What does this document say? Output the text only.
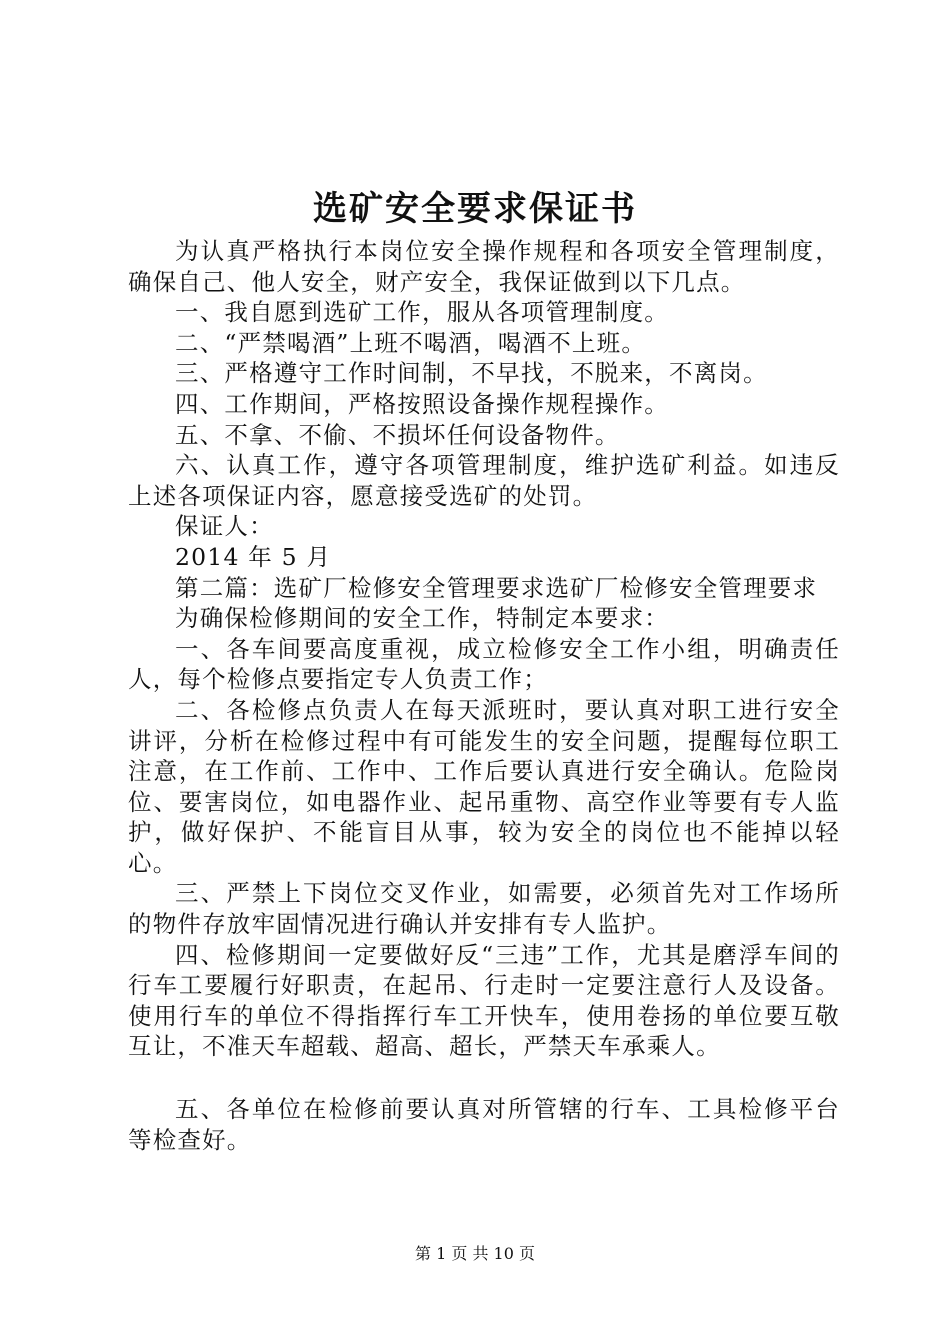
选矿安全要求保证书

为认真严格执行本岗位安全操作规程和各项安全管理制度，确保自己、他人安全，财产安全，我保证做到以下几点。

一、我自愿到选矿工作，服从各项管理制度。

二、“严禁喝酒”上班不喝酒，喝酒不上班。

三、严格遵守工作时间制，不早找，不脱来，不离岗。

四、工作期间，严格按照设备操作规程操作。

五、不拿、不偷、不损坏任何设备物件。

六、认真工作，遵守各项管理制度，维护选矿利益。如违反上述各项保证内容，愿意接受选矿的处罚。

保证人：

2014 年 5 月

第二篇：选矿厂检修安全管理要求选矿厂检修安全管理要求

为确保检修期间的安全工作，特制定本要求：

一、各车间要高度重视，成立检修安全工作小组，明确责任人，每个检修点要指定专人负责工作；

二、各检修点负责人在每天派班时，要认真对职工进行安全讲评，分析在检修过程中有可能发生的安全问题，提醒每位职工注意，在工作前、工作中、工作后要认真进行安全确认。危险岗位、要害岗位，如电器作业、起吊重物、高空作业等要有专人监护，做好保护、不能盲目从事，较为安全的岗位也不能掉以轻心。

三、严禁上下岗位交叉作业，如需要，必须首先对工作场所的物件存放牢固情况进行确认并安排有专人监护。

四、检修期间一定要做好反“三违”工作，尤其是磨浮车间的行车工要履行好职责，在起吊、行走时一定要注意行人及设备。使用行车的单位不得指挥行车工开快车，使用卷扬的单位要互敬互让，不准天车超载、超高、超长，严禁天车承乘人。

五、各单位在检修前要认真对所管辖的行车、工具检修平台等检查好。

第 1 页 共 10 页
